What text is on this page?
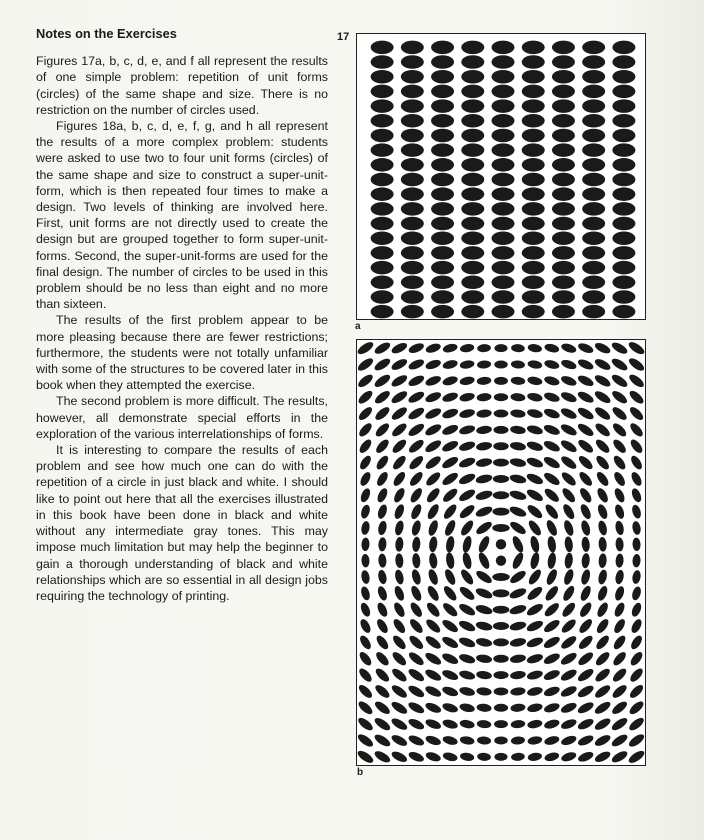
Notes on the Exercises

Figures 17a, b, c, d, e, and f all represent the results of one simple problem: repetition of unit forms (circles) of the same shape and size. There is no restriction on the number of circles used.

Figures 18a, b, c, d, e, f, g, and h all represent the results of a more complex problem: students were asked to use two to four unit forms (circles) of the same shape and size to construct a super-unit-form, which is then repeated four times to make a design. Two levels of thinking are involved here. First, unit forms are not directly used to create the design but are grouped together to form super-unit-forms. Second, the super-unit-forms are used for the final design. The number of circles to be used in this problem should be no less than eight and no more than sixteen.

The results of the first problem appear to be more pleasing because there are fewer restrictions; furthermore, the students were not totally unfamiliar with some of the structures to be covered later in this book when they attempted the exercise.

The second problem is more difficult. The results, however, all demonstrate special efforts in the exploration of the various interrelationships of forms.

It is interesting to compare the results of each problem and see how much one can do with the repetition of a circle in just black and white. I should like to point out here that all the exercises illustrated in this book have been done in black and white without any intermediate gray tones. This may impose much limitation but may help the beginner to gain a thorough understanding of black and white relationships which are so essential in all design jobs requiring the technology of printing.

17
a
b
